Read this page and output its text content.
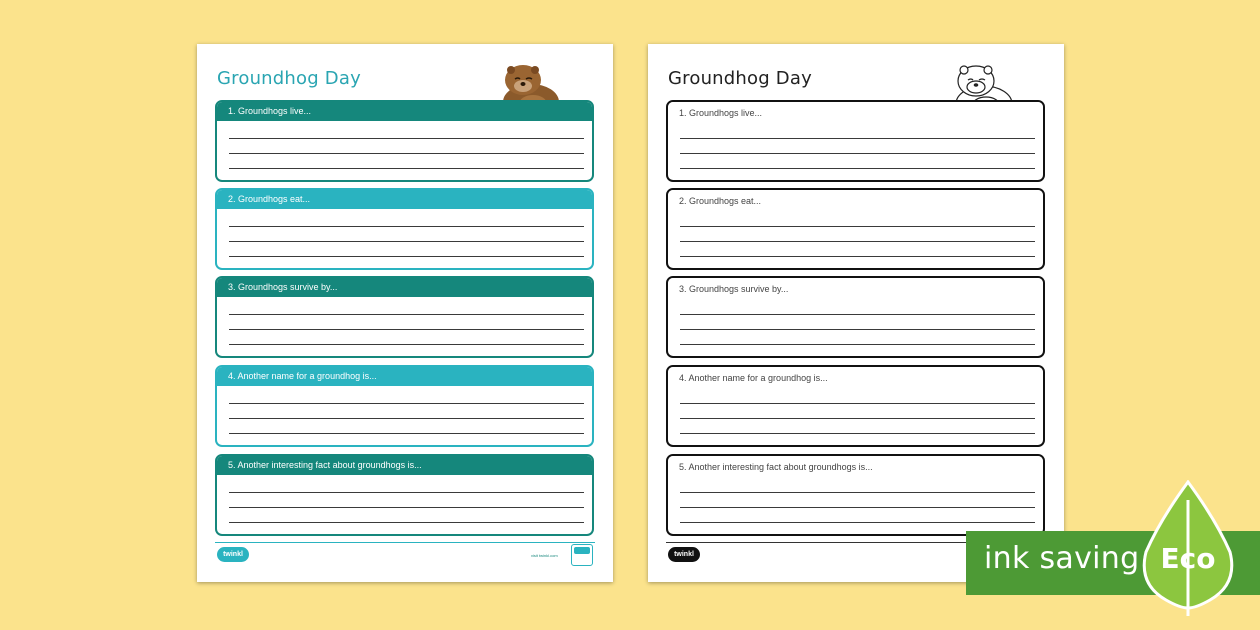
Groundhog Day
1. Groundhogs live...
2. Groundhogs eat...
3. Groundhogs survive by...
4. Another name for a groundhog is...
5. Another interesting fact about groundhogs is...
twinkl	visit twinkl.com
Groundhog Day
1. Groundhogs live...
2. Groundhogs eat...
3. Groundhogs survive by...
4. Another name for a groundhog is...
5. Another interesting fact about groundhogs is...
twinkl	ink saving Eco
